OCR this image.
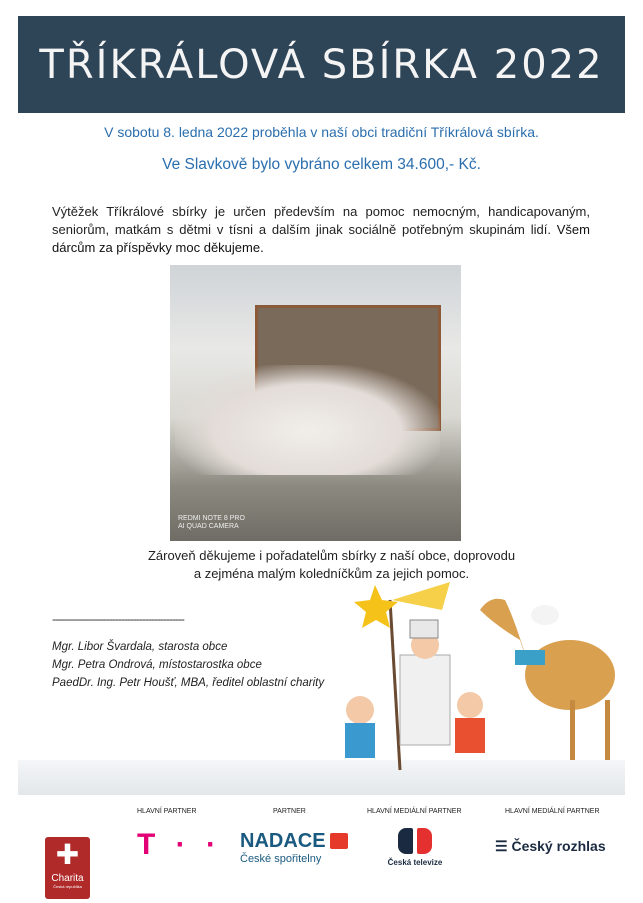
TŘÍKRÁLOVÁ SBÍRKA 2022
V sobotu 8. ledna 2022 proběhla v naší obci tradiční Tříkrálová sbírka.
Ve Slavkově bylo vybráno celkem 34.600,- Kč.
Výtěžek Tříkrálové sbírky je určen především na pomoc nemocným, handicapovaným, seniorům, matkám s dětmi v tísni a dalším jinak sociálně potřebným skupinám lidí. Všem dárcům za příspěvky moc děkujeme.
REDMI NOTE 8 PRO
AI QUAD CAMERA
Zároveň děkujeme i pořadatelům sbírky z naší obce, doprovodu
a zejména malým koledníčkům za jejich pomoc.
--------------------------------------------
Mgr. Libor Švardala, starosta obce
Mgr. Petra Ondrová, místostarostka obce
PaedDr. Ing. Petr Houšť, MBA, ředitel oblastní charity
✚
Charita
Česká republika
HLAVNÍ PARTNER
T · ·
PARTNER
NADACE
České spořitelny
HLAVNÍ MEDIÁLNÍ PARTNER
Česká televize
HLAVNÍ MEDIÁLNÍ PARTNER
☰ Český rozhlas
